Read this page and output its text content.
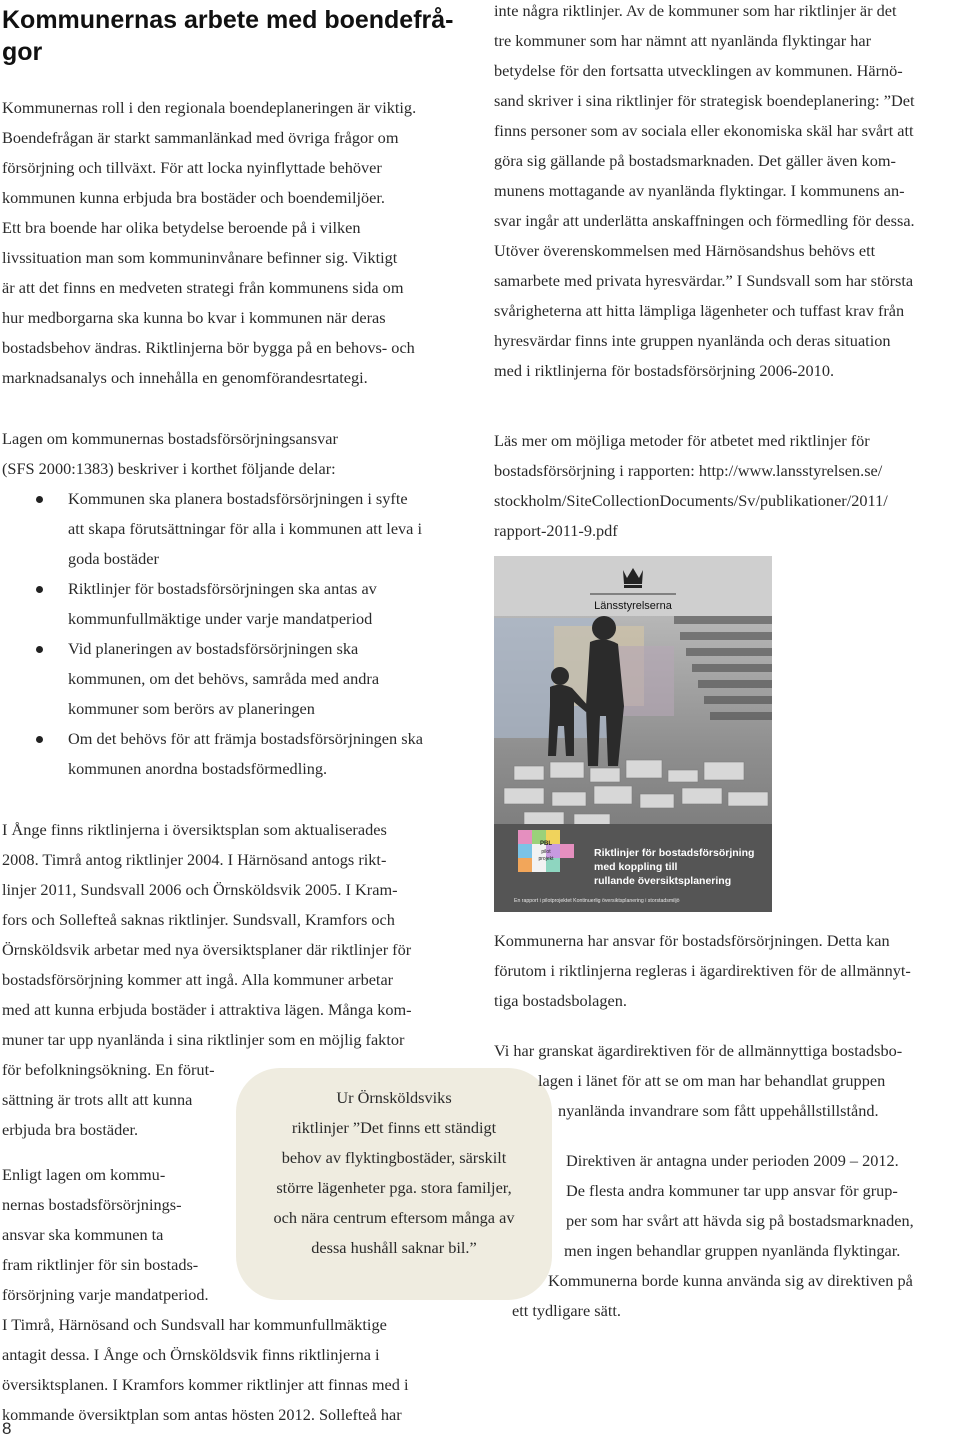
Kommunernas arbete med boendefrå-
gor
Kommunernas roll i den regionala boendeplaneringen är viktig.
Boendefrågan är starkt sammanlänkad med övriga frågor om
försörjning och tillväxt. För att locka nyinflyttade behöver
kommunen kunna erbjuda bra bostäder och boendemiljöer.
Ett bra boende har olika betydelse beroende på i vilken
livssituation man som kommuninvånare befinner sig. Viktigt
är att det finns en medveten strategi från kommunens sida om
hur medborgarna ska kunna bo kvar i kommunen när deras
bostadsbehov ändras. Riktlinjerna bör bygga på en behovs- och
marknadsanalys och innehålla en genomförandesrtategi.
Lagen om kommunernas bostadsförsörjningsansvar
(SFS 2000:1383) beskriver i korthet följande delar:
Kommunen ska planera bostadsförsörjningen i syfte
att skapa förutsättningar för alla i kommunen att leva i
goda bostäder
Riktlinjer för bostadsförsörjningen ska antas av
kommunfullmäktige under varje mandatperiod
Vid planeringen av bostadsförsörjningen ska
kommunen, om det behövs, samråda med andra
kommuner som berörs av planeringen
Om det behövs för att främja bostadsförsörjningen ska
kommunen anordna bostadsförmedling.
I Ånge finns riktlinjerna i översiktsplan som aktualiserades
2008. Timrå antog riktlinjer 2004. I Härnösand antogs rikt-
linjer 2011, Sundsvall 2006 och Örnsköldsvik 2005. I Kram-
fors och Sollefteå saknas riktlinjer. Sundsvall, Kramfors och
Örnsköldsvik arbetar med nya översiktsplaner där riktlinjer för
bostadsförsörjning kommer att ingå. Alla kommuner arbetar
med att kunna erbjuda bostäder i attraktiva lägen. Många kom-
muner tar upp nyanlända i sina riktlinjer som en möjlig faktor
för befolkningsökning. En förut-
sättning är trots allt att kunna
erbjuda bra bostäder.
Enligt lagen om kommu-
nernas bostadsförsörjnings-
ansvar ska kommunen ta
fram riktlinjer för sin bostads-
försörjning varje mandatperiod.
I Timrå, Härnösand och Sundsvall har kommunfullmäktige
antagit dessa. I Ånge och Örnsköldsvik finns riktlinjerna i
översiktsplanen. I Kramfors kommer riktlinjer att finnas med i
kommande översiktplan som antas hösten 2012. Sollefteå har
Ur Örnsköldsviks
riktlinjer ”Det finns ett ständigt
behov av flyktingbostäder, särskilt
större lägenheter pga. stora familjer,
och nära centrum eftersom många av
dessa hushåll saknar bil.”
inte några riktlinjer. Av de kommuner som har riktlinjer är det
tre kommuner som har nämnt att nyanlända flyktingar har
betydelse för den fortsatta utvecklingen av kommunen. Härnö-
sand skriver i sina riktlinjer för strategisk boendeplanering: ”Det
finns personer som av sociala eller ekonomiska skäl har svårt att
göra sig gällande på bostadsmarknaden. Det gäller även kom-
munens mottagande av nyanlända flyktingar. I kommunens an-
svar ingår att underlätta anskaffningen och förmedling för dessa.
Utöver överenskommelsen med Härnösandshus behövs ett
samarbete med privata hyresvärdar.” I Sundsvall som har största
svårigheterna att hitta lämpliga lägenheter och tuffast krav från
hyresvärdar finns inte gruppen nyanlända och deras situation
med i riktlinjerna för bostadsförsörjning 2006-2010.
Läs mer om möjliga metoder för atbetet med riktlinjer för
bostadsförsörjning i rapporten: http://www.lansstyrelsen.se/
stockholm/SiteCollectionDocuments/Sv/publikationer/2011/
rapport-2011-9.pdf
Länsstyrelserna
PBL
pilot
projekt	Riktlinjer för bostadsförsörjning
med koppling till
rullande översiktsplanering
En rapport i pilotprojektet Kontinuerlig översiktsplanering i storstadsmiljö
Kommunerna har ansvar för bostadsförsörjningen. Detta kan
förutom i riktlinjerna regleras i ägardirektiven för de allmännyt-
tiga bostadsbolagen.
Vi har granskat ägardirektiven för de allmännyttiga bostadsbo-
lagen i länet för att se om man har behandlat gruppen
nyanlända invandrare som fått uppehållstillstånd.
Direktiven är antagna under perioden 2009 – 2012.
De flesta andra kommuner tar upp ansvar för grup-
per som har svårt att hävda sig på bostadsmarknaden,
men ingen behandlar gruppen nyanlända flyktingar.
Kommunerna borde kunna använda sig av direktiven på
ett tydligare sätt.
8
